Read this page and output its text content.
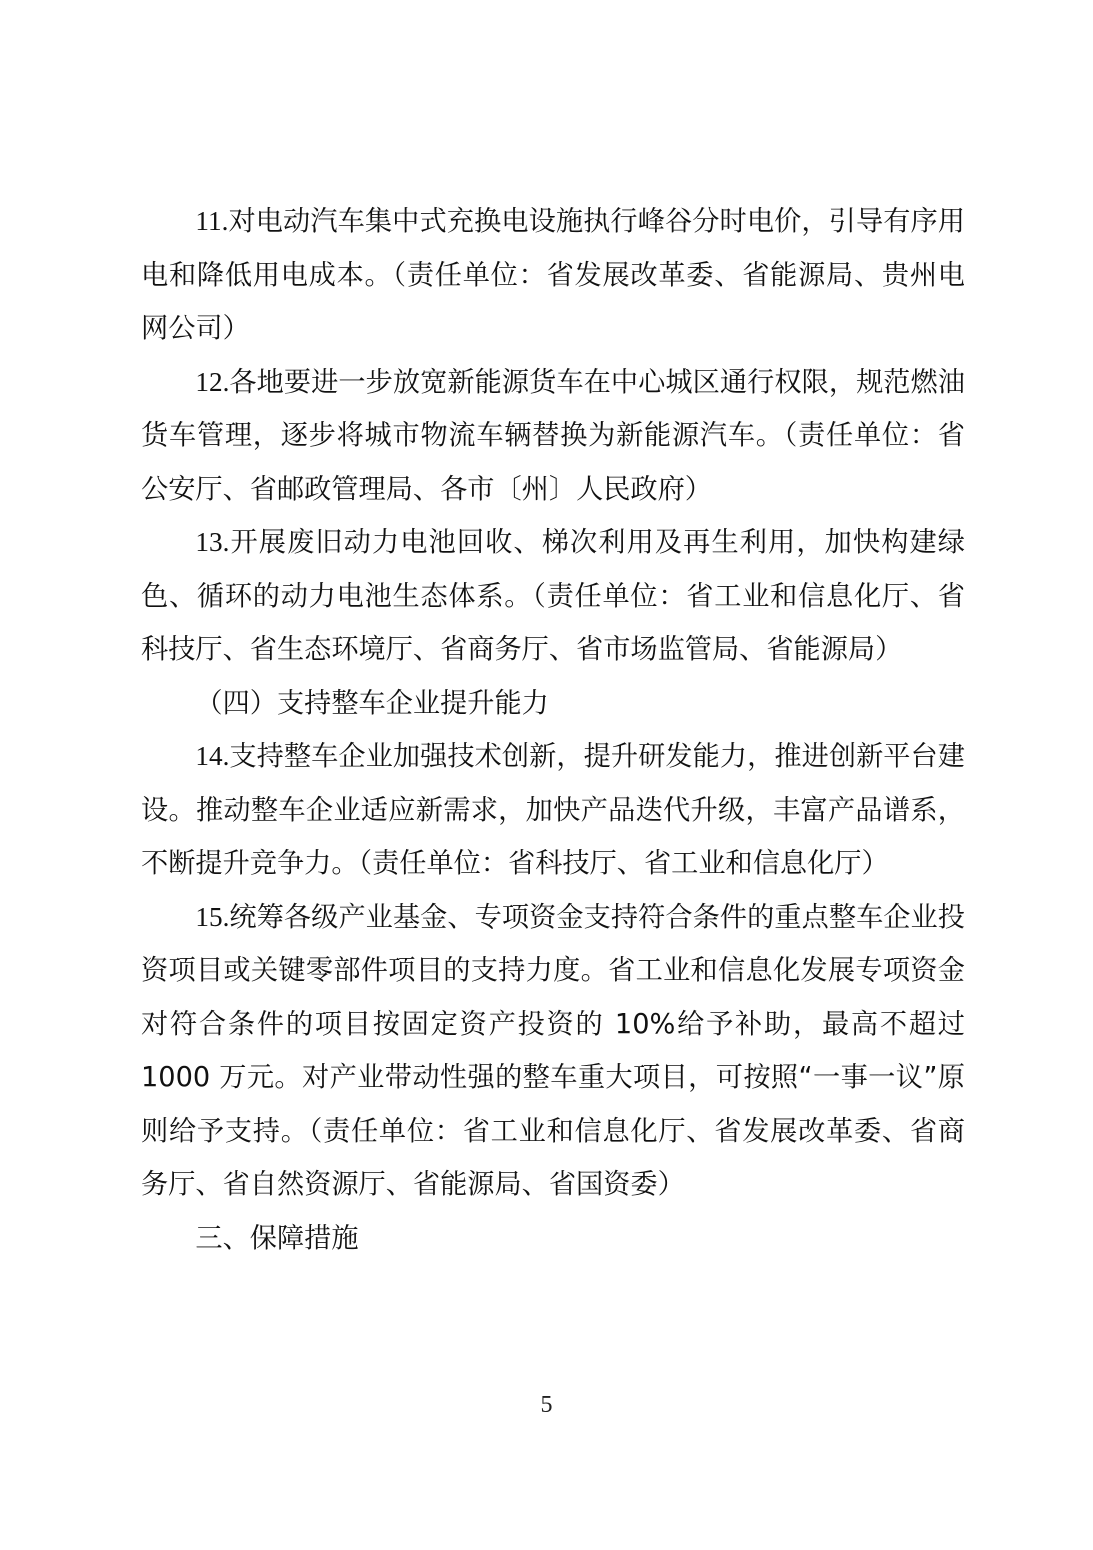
11.对电动汽车集中式充换电设施执行峰谷分时电价，引导有序用电和降低用电成本。（责任单位：省发展改革委、省能源局、贵州电网公司）

12.各地要进一步放宽新能源货车在中心城区通行权限，规范燃油货车管理，逐步将城市物流车辆替换为新能源汽车。（责任单位：省公安厅、省邮政管理局、各市〔州〕人民政府）

13.开展废旧动力电池回收、梯次利用及再生利用，加快构建绿色、循环的动力电池生态体系。（责任单位：省工业和信息化厅、省科技厅、省生态环境厅、省商务厅、省市场监管局、省能源局）

（四）支持整车企业提升能力

14.支持整车企业加强技术创新，提升研发能力，推进创新平台建设。推动整车企业适应新需求，加快产品迭代升级，丰富产品谱系，不断提升竞争力。（责任单位：省科技厅、省工业和信息化厅）

15.统筹各级产业基金、专项资金支持符合条件的重点整车企业投资项目或关键零部件项目的支持力度。省工业和信息化发展专项资金对符合条件的项目按固定资产投资的 10%给予补助，最高不超过 1000 万元。对产业带动性强的整车重大项目，可按照“一事一议”原则给予支持。（责任单位：省工业和信息化厅、省发展改革委、省商务厅、省自然资源厅、省能源局、省国资委）

三、保障措施

5
